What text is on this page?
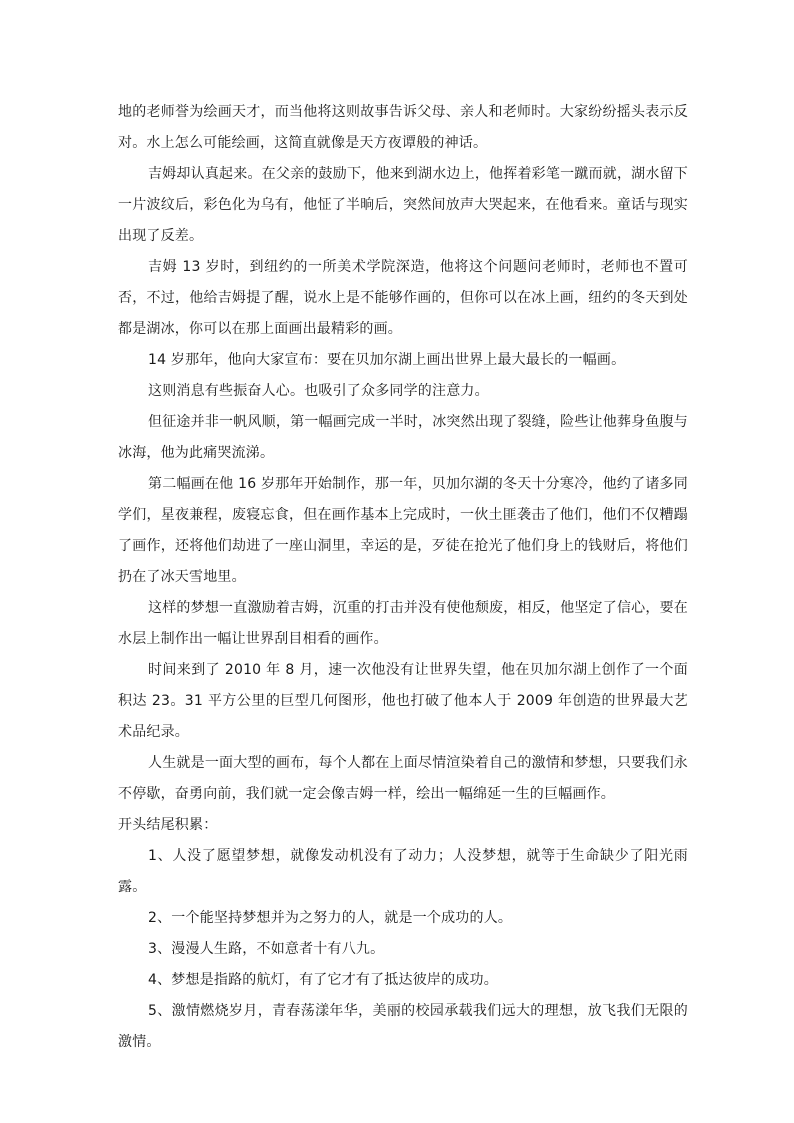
地的老师誉为绘画天才，而当他将这则故事告诉父母、亲人和老师时。大家纷纷摇头表示反对。水上怎么可能绘画，这简直就像是天方夜谭般的神话。

吉姆却认真起来。在父亲的鼓励下，他来到湖水边上，他挥着彩笔一蹴而就，湖水留下一片波纹后，彩色化为乌有，他怔了半晌后，突然间放声大哭起来，在他看来。童话与现实出现了反差。

吉姆 13 岁时，到纽约的一所美术学院深造，他将这个问题问老师时，老师也不置可否，不过，他给吉姆提了醒，说水上是不能够作画的，但你可以在冰上画，纽约的冬天到处都是湖冰，你可以在那上面画出最精彩的画。

14 岁那年，他向大家宣布：要在贝加尔湖上画出世界上最大最长的一幅画。

这则消息有些振奋人心。也吸引了众多同学的注意力。

但征途并非一帆风顺，第一幅画完成一半时，冰突然出现了裂缝，险些让他葬身鱼腹与冰海，他为此痛哭流涕。

第二幅画在他 16 岁那年开始制作，那一年，贝加尔湖的冬天十分寒冷，他约了诸多同学们，星夜兼程，废寝忘食，但在画作基本上完成时，一伙土匪袭击了他们，他们不仅糟蹋了画作，还将他们劫进了一座山洞里，幸运的是，歹徒在抢光了他们身上的钱财后，将他们扔在了冰天雪地里。

这样的梦想一直激励着吉姆，沉重的打击并没有使他颓废，相反，他坚定了信心，要在水层上制作出一幅让世界刮目相看的画作。

时间来到了 2010 年 8 月，速一次他没有让世界失望，他在贝加尔湖上创作了一个面积达 23。31 平方公里的巨型几何图形，他也打破了他本人于 2009 年创造的世界最大艺术品纪录。

人生就是一面大型的画布，每个人都在上面尽情渲染着自己的激情和梦想，只要我们永不停歇，奋勇向前，我们就一定会像吉姆一样，绘出一幅绵延一生的巨幅画作。

开头结尾积累：

1、人没了愿望梦想，就像发动机没有了动力；人没梦想，就等于生命缺少了阳光雨露。

2、一个能坚持梦想并为之努力的人，就是一个成功的人。

3、漫漫人生路，不如意者十有八九。

4、梦想是指路的航灯，有了它才有了抵达彼岸的成功。

5、激情燃烧岁月，青春荡漾年华，美丽的校园承载我们远大的理想，放飞我们无限的激情。
